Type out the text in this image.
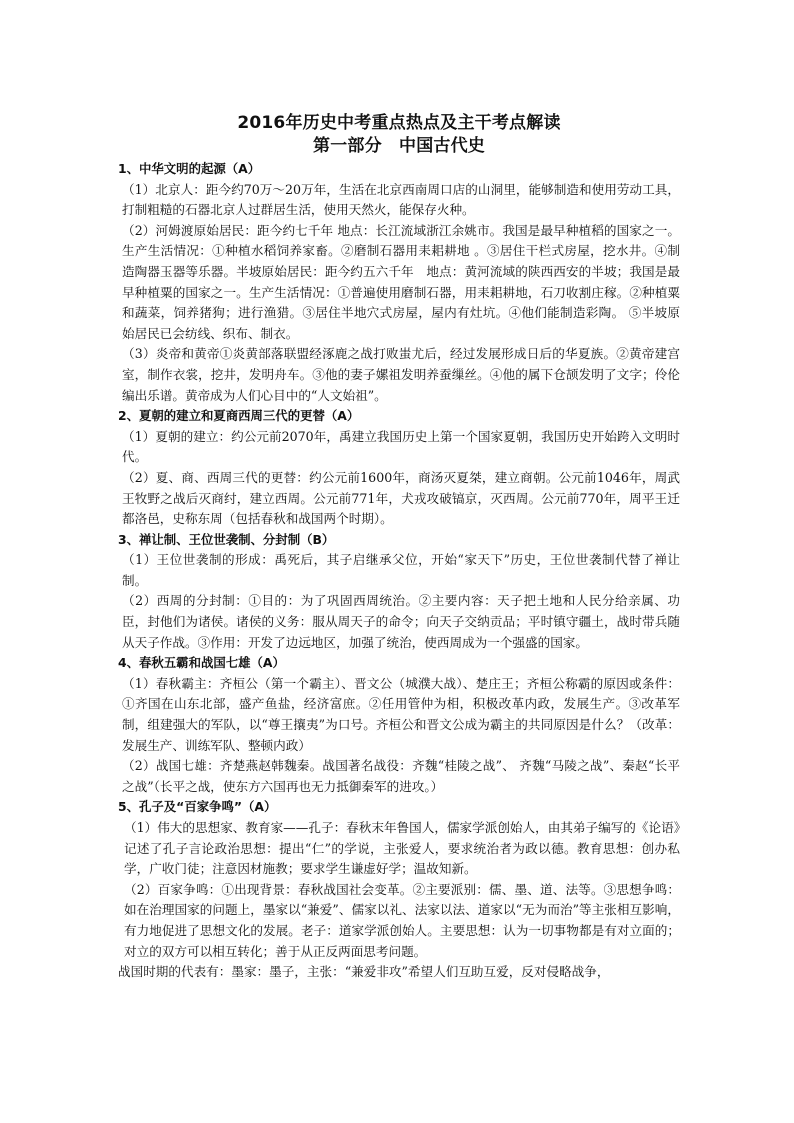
2016年历史中考重点热点及主干考点解读
第一部分　中国古代史
1、中华文明的起源（A）

（1）北京人：距今约70万～20万年，生活在北京西南周口店的山洞里，能够制造和使用劳动工具，打制粗糙的石器北京人过群居生活，使用天然火，能保存火种。

（2）河姆渡原始居民：距今约七千年 地点：长江流域浙江余姚市。我国是最早种植稻的国家之一。生产生活情况：①种植水稻饲养家畜。②磨制石器用耒耜耕地 。③居住干栏式房屋，挖水井。④制造陶器玉器等乐器。半坡原始居民：距今约五六千年　地点：黄河流域的陕西西安的半坡；我国是最早种植粟的国家之一。生产生活情况：①普遍使用磨制石器，用耒耜耕地，石刀收割庄稼。②种植粟和蔬菜，饲养猪狗；进行渔猎。③居住半地穴式房屋，屋内有灶坑。④他们能制造彩陶。 ⑤半坡原始居民已会纺线、织布、制衣。

（3）炎帝和黄帝①炎黄部落联盟经涿鹿之战打败蚩尤后，经过发展形成日后的华夏族。②黄帝建宫室，制作衣裳，挖井，发明舟车。③他的妻子嫘祖发明养蚕缫丝。④他的属下仓颉发明了文字；伶伦编出乐谱。黄帝成为人们心目中的“人文始祖”。

2、夏朝的建立和夏商西周三代的更替（A）

（1）夏朝的建立：约公元前2070年，禹建立我国历史上第一个国家夏朝，我国历史开始跨入文明时代。

（2）夏、商、西周三代的更替：约公元前1600年，商汤灭夏桀，建立商朝。公元前1046年，周武王牧野之战后灭商纣，建立西周。公元前771年，犬戎攻破镐京，灭西周。公元前770年，周平王迁都洛邑，史称东周（包括春秋和战国两个时期）。

3、禅让制、王位世袭制、分封制（B）

（1）王位世袭制的形成：禹死后，其子启继承父位，开始“家天下”历史，王位世袭制代替了禅让制。

（2）西周的分封制：①目的：为了巩固西周统治。②主要内容：天子把土地和人民分给亲属、功臣，封他们为诸侯。诸侯的义务：服从周天子的命令；向天子交纳贡品；平时镇守疆土，战时带兵随从天子作战。③作用：开发了边远地区，加强了统治，使西周成为一个强盛的国家。

4、春秋五霸和战国七雄（A）

（1）春秋霸主：齐桓公（第一个霸主）、晋文公（城濮大战）、楚庄王；齐桓公称霸的原因或条件：①齐国在山东北部，盛产鱼盐，经济富庶。②任用管仲为相，积极改革内政，发展生产。③改革军制，组建强大的军队，以“尊王攘夷”为口号。齐桓公和晋文公成为霸主的共同原因是什么？（改革：发展生产、训练军队、整顿内政）

（2）战国七雄：齐楚燕赵韩魏秦。战国著名战役：齐魏“桂陵之战”、 齐魏“马陵之战”、秦赵“长平之战”（长平之战，使东方六国再也无力抵御秦军的进攻。）

5、孔子及“百家争鸣”（A）

（1）伟大的思想家、教育家——孔子：春秋末年鲁国人，儒家学派创始人，由其弟子编写的《论语》记述了孔子言论政治思想：提出“仁”的学说，主张爱人，要求统治者为政以德。教育思想：创办私学，广收门徒；注意因材施教；要求学生谦虚好学；温故知新。

（2）百家争鸣：①出现背景：春秋战国社会变革。②主要派别：儒、墨、道、法等。③思想争鸣：如在治理国家的问题上，墨家以“兼爱”、儒家以礼、法家以法、道家以“无为而治”等主张相互影响，有力地促进了思想文化的发展。老子：道家学派创始人。主要思想：认为一切事物都是有对立面的；对立的双方可以相互转化；善于从正反两面思考问题。

战国时期的代表有：墨家：墨子，主张：“兼爱非攻”希望人们互助互爱，反对侵略战争，
